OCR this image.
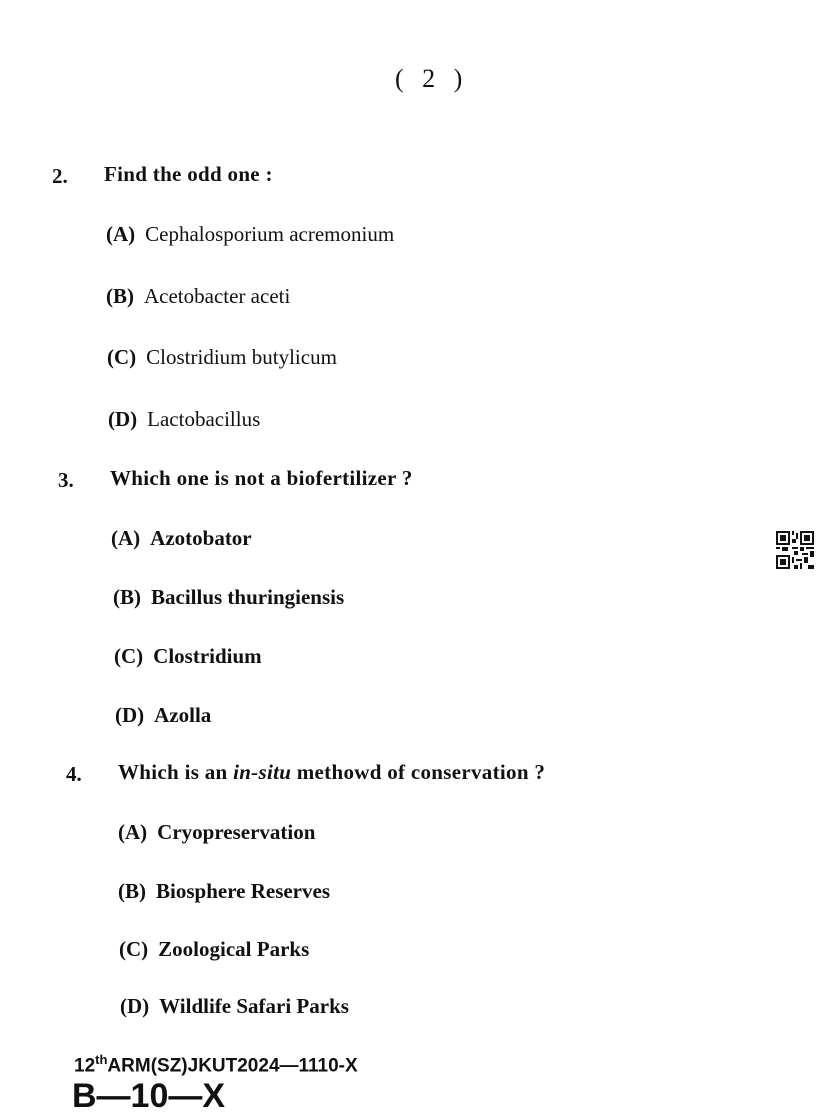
( 2 )
2. Find the odd one :
(A) Cephalosporium acremonium
(B) Acetobacter aceti
(C) Clostridium butylicum
(D) Lactobacillus
3. Which one is not a biofertilizer ?
(A) Azotobator
(B) Bacillus thuringiensis
(C) Clostridium
(D) Azolla
4. Which is an in-situ methowd of conservation ?
(A) Cryopreservation
(B) Biosphere Reserves
(C) Zoological Parks
(D) Wildlife Safari Parks
12thARM(SZ)JKUT2024—1110-X
B—10—X
